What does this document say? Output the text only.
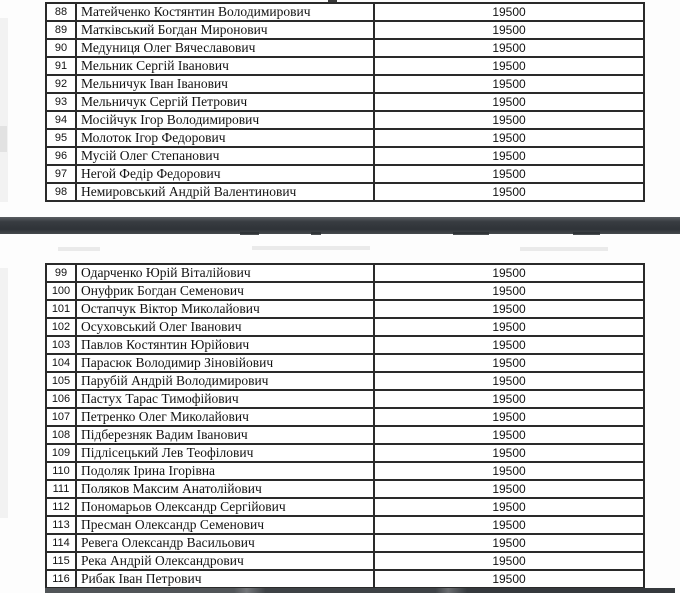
88	Матейченко Костянтин Володимирович	19500
89	Матківський Богдан Миронович	19500
90	Медуниця Олег Вячеславович	19500
91	Мельник Сергій Іванович	19500
92	Мельничук Іван Іванович	19500
93	Мельничук Сергій Петрович	19500
94	Мосійчук Ігор Володимирович	19500
95	Молоток Ігор Федорович	19500
96	Мусій Олег Степанович	19500
97	Негой Федір Федорович	19500
98	Немировський Андрій Валентинович	19500
99	Одарченко Юрій Віталійович	19500
100 Онуфрик Богдан Семенович	19500
101 Остапчук Віктор Миколайович	19500
102 Осуховський Олег Іванович	19500
103 Павлов Костянтин Юрійович	19500
104 Парасюк Володимир Зіновійович	19500
105 Парубій Андрій Володимирович	19500
106 Пастух Тарас Тимофійович	19500
107 Петренко Олег Миколайович	19500
108 Підберезняк Вадим Іванович	19500
109 Підлісецький Лев Теофілович	19500
110 Подоляк Ірина Ігорівна	19500
111 Поляков Максим Анатолійович	19500
112 Пономарьов Олександр Сергійович	19500
113 Пресман Олександр Семенович	19500
114 Ревега Олександр Васильович	19500
115 Река Андрій Олександрович	19500
116 Рибак Іван Петрович	19500
